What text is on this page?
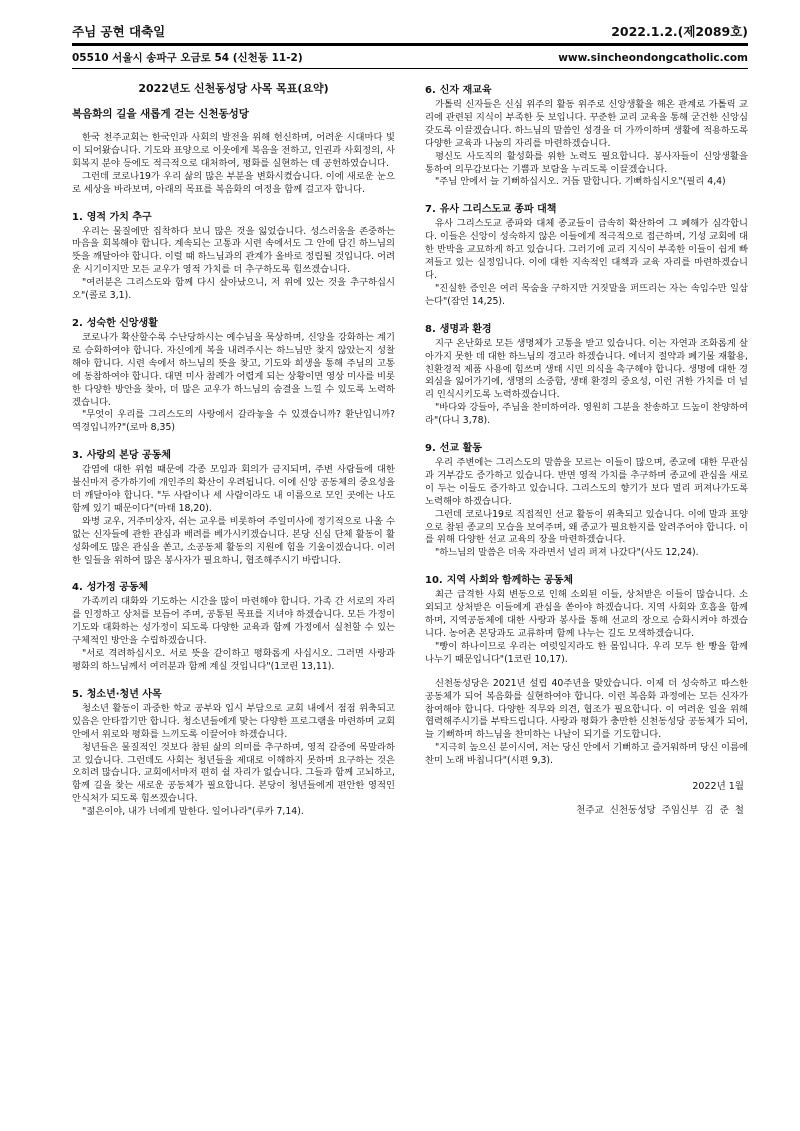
주님 공현 대축일	2022.1.2.(제2089호)
05510 서울시 송파구 오금로 54 (신천동 11-2)	www.sincheondongcatholic.com
2022년도 신천동성당 사목 목표(요약)
복음화의 길을 새롭게 걷는 신천동성당

한국 천주교회는 한국인과 사회의 발전을 위해 헌신하며, 어려운 시대마다 빛이 되어왔습니다. 기도와 표양으로 이웃에게 복음을 전하고, 인권과 사회정의, 사회복지 분야 등에도 적극적으로 대처하여, 평화를 실현하는 데 공헌하였습니다.

그런데 코로나19가 우리 삶의 많은 부분을 변화시켰습니다. 이에 새로운 눈으로 세상을 바라보며, 아래의 목표를 복음화의 여정을 함께 걸고자 합니다.

1. 영적 가치 추구

우리는 물질에만 집착하다 보니 많은 것을 잃었습니다. 성스러움을 존중하는 마음을 회복해야 합니다. 계속되는 고통과 시련 속에서도 그 안에 담긴 하느님의 뜻을 깨달아야 합니다. 이럴 때 하느님과의 관계가 올바로 정립될 것입니다. 어려운 시기이지만 모든 교우가 영적 가치를 더 추구하도록 힘쓰겠습니다.

"여러분은 그리스도와 함께 다시 살아났으니, 저 위에 있는 것을 추구하십시오"(콜로 3,1).

2. 성숙한 신앙생활

코로나가 확산할수록 수난당하시는 예수님을 묵상하며, 신앙을 강화하는 계기로 승화하여야 합니다. 자신에게 복을 내려주시는 하느님만 찾지 않았는지 성찰해야 합니다. 시련 속에서 하느님의 뜻을 찾고, 기도와 희생을 통해 주님의 고통에 동참하여야 합니다. 대면 미사 참례가 어렵게 되는 상황이면 영상 미사를 비롯한 다양한 방안을 찾아, 더 많은 교우가 하느님의 숨결을 느낄 수 있도록 노력하겠습니다.

"무엇이 우리를 그리스도의 사랑에서 갈라놓을 수 있겠습니까? 환난입니까? 역경입니까?"(로마 8,35)

3. 사랑의 본당 공동체

감염에 대한 위험 때문에 각종 모임과 회의가 금지되며, 주변 사람들에 대한 불신마저 증가하기에 개인주의 확산이 우려됩니다. 이에 신앙 공동체의 중요성을 더 깨달아야 합니다. "두 사람이나 세 사람이라도 내 이름으로 모인 곳에는 나도 함께 있기 때문이다"(마태 18,20).

와병 교우, 거주미상자, 쉬는 교우를 비롯하여 주일미사에 정기적으로 나올 수 없는 신자들에 관한 관심과 배려를 베가시키겠습니다. 본당 신심 단체 활동이 활성화에도 많은 관심을 쏟고, 소공동체 활동의 지원에 힘을 기울이겠습니다. 이러한 일들을 위하여 많은 봉사자가 필요하니, 협조해주시기 바랍니다.

4. 성가정 공동체

가족끼리 대화와 기도하는 시간을 많이 마련해야 합니다. 가족 간 서로의 자리를 인정하고 상처를 보듬어 주며, 공통된 목표를 지녀야 하겠습니다. 모든 가정이 기도와 대화하는 성가정이 되도록 다양한 교육과 함께 가정에서 실천할 수 있는 구체적인 방안을 수립하겠습니다.

"서로 격려하십시오. 서로 뜻을 같이하고 평화롭게 사십시오. 그러면 사랑과 평화의 하느님께서 여러분과 함께 계실 것입니다"(1코린 13,11).

5. 청소년·청년 사목

청소년 활동이 과중한 학교 공부와 입시 부담으로 교회 내에서 점점 위축되고 있음은 안타깝기만 합니다. 청소년들에게 맞는 다양한 프로그램을 마련하며 교회 안에서 위로와 평화를 느끼도록 이끌어야 하겠습니다.

청년들은 물질적인 것보다 참된 삶의 의미를 추구하며, 영적 갈증에 목말라하고 있습니다. 그런데도 사회는 청년들을 제대로 이해하지 못하며 요구하는 것은 오히려 많습니다. 교회에서마저 편히 쉴 자리가 없습니다. 그들과 함께 고뇌하고, 함께 길을 찾는 새로운 공동체가 필요합니다. 본당이 청년들에게 편안한 영적인 안식처가 되도록 힘쓰겠습니다.

"젊은이야, 내가 너에게 말한다. 일어나라"(루카 7,14).

6. 신자 재교육

가톨릭 신자들은 신심 위주의 활동 위주로 신앙생활을 해온 관계로 가톨릭 교리에 관련된 지식이 부족한 듯 보입니다. 꾸준한 교리 교육을 통해 굳건한 신앙심 갖도록 이끌겠습니다. 하느님의 말씀인 성경을 더 가까이하며 생활에 적용하도록 다양한 교육과 나눔의 자리를 마련하겠습니다.

평신도 사도직의 활성화를 위한 노력도 필요합니다. 봉사자들이 신앙생활을 통하여 의무감보다는 기쁨과 보람을 누리도록 이끌겠습니다.

"주님 안에서 늘 기뻐하십시오. 거듭 말합니다. 기뻐하십시오"(필리 4,4)

7. 유사 그리스도교 종파 대책

유사 그리스도교 종파와 대체 종교들이 급속히 확산하여 그 폐해가 심각합니다. 이들은 신앙이 성숙하지 않은 이들에게 적극적으로 접근하며, 기성 교회에 대한 반박을 교묘하게 하고 있습니다. 그러기에 교리 지식이 부족한 이들이 쉽게 빠져들고 있는 실정입니다. 이에 대한 지속적인 대책과 교육 자리를 마련하겠습니다.

"진실한 증인은 여러 목숨을 구하지만 거짓말을 퍼뜨리는 자는 속임수만 일삼는다"(잠언 14,25).

8. 생명과 환경

지구 온난화로 모든 생명체가 고통을 받고 있습니다. 이는 자연과 조화롭게 살아가지 못한 데 대한 하느님의 경고라 하겠습니다. 에너지 절약과 폐기물 재활용, 친환경적 제품 사용에 힘쓰며 생태 시민 의식을 촉구해야 합니다. 생명에 대한 경외심을 잃어가기에, 생명의 소중함, 생태 환경의 중요성, 이런 귀한 가치를 더 널리 인식시키도록 노력하겠습니다.

"바다와 강들아, 주님을 찬미하여라. 영원히 그분을 찬송하고 드높이 찬양하여라"(다니 3,78).

9. 선교 활동

우리 주변에는 그리스도의 말씀을 모르는 이들이 많으며, 종교에 대한 무관심과 거부감도 증가하고 있습니다. 반면 영적 가치를 추구하며 종교에 관심을 새로이 두는 이들도 증가하고 있습니다. 그리스도의 향기가 보다 멀리 퍼져나가도록 노력해야 하겠습니다.

그런데 코로나19로 직접적인 선교 활동이 위축되고 있습니다. 이에 말과 표양으로 참된 종교의 모습을 보여주며, 왜 종교가 필요한지를 알려주어야 합니다. 이를 위해 다양한 선교 교육의 장을 마련하겠습니다.

"하느님의 말씀은 더욱 자라면서 널리 퍼져 나갔다"(사도 12,24).

10. 지역 사회와 함께하는 공동체

최근 급격한 사회 변동으로 인해 소외된 이들, 상처받은 이들이 많습니다. 소외되고 상처받은 이들에게 관심을 쏟아야 하겠습니다. 지역 사회와 호흡을 함께 하며, 지역공동체에 대한 사랑과 봉사를 통해 선교의 장으로 승화시켜야 하겠습니다. 농어촌 본당과도 교류하며 함께 나누는 길도 모색하겠습니다.

"빵이 하나이므로 우리는 여럿일지라도 한 몸입니다. 우리 모두 한 빵을 함께 나누기 때문입니다"(1코린 10,17).

신천동성당은 2021년 설립 40주년을 맞았습니다. 이제 더 성숙하고 따스한 공동체가 되어 복음화를 실현하여야 합니다. 이런 복음화 과정에는 모든 신자가 참여해야 합니다. 다양한 직무와 의견, 협조가 필요합니다. 이 여려운 일을 위해 협력해주시기를 부탁드립니다. 사랑과 평화가 충만한 신천동성당 공동체가 되어, 늘 기뻐하며 하느님을 찬미하는 나날이 되기를 기도합니다.

"지극히 높으신 분이시여, 저는 당신 안에서 기뻐하고 즐거워하며 당신 이름에 찬미 노래 바칩니다"(시편 9,3).

2022년 1월
천주교 신천동성당 주임신부 김 준 철
